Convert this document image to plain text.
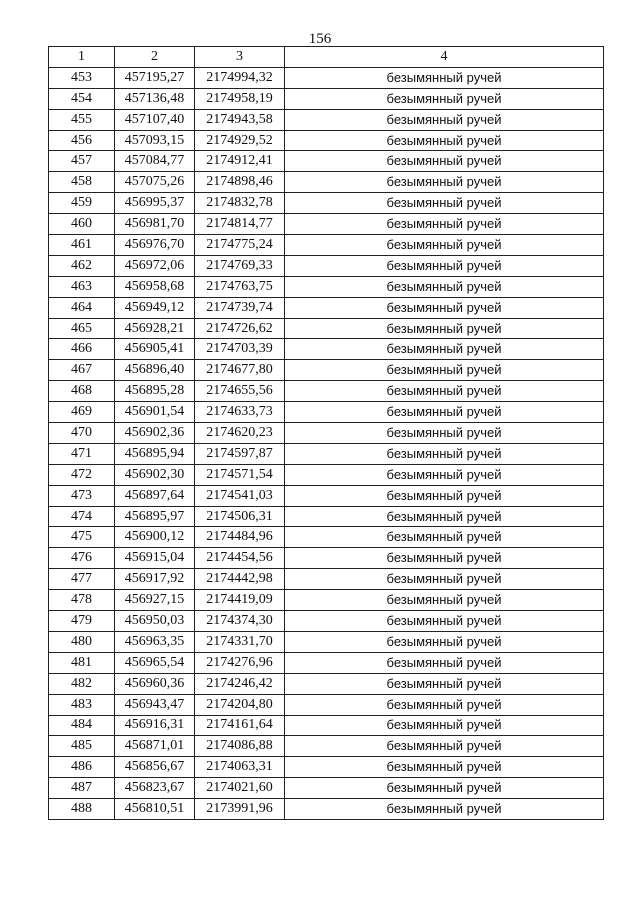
156
1	2	3	4
453	457195,27	2174994,32	безымянный ручей
454	457136,48	2174958,19	безымянный ручей
455	457107,40	2174943,58	безымянный ручей
456	457093,15	2174929,52	безымянный ручей
457	457084,77	2174912,41	безымянный ручей
458	457075,26	2174898,46	безымянный ручей
459	456995,37	2174832,78	безымянный ручей
460	456981,70	2174814,77	безымянный ручей
461	456976,70	2174775,24	безымянный ручей
462	456972,06	2174769,33	безымянный ручей
463	456958,68	2174763,75	безымянный ручей
464	456949,12	2174739,74	безымянный ручей
465	456928,21	2174726,62	безымянный ручей
466	456905,41	2174703,39	безымянный ручей
467	456896,40	2174677,80	безымянный ручей
468	456895,28	2174655,56	безымянный ручей
469	456901,54	2174633,73	безымянный ручей
470	456902,36	2174620,23	безымянный ручей
471	456895,94	2174597,87	безымянный ручей
472	456902,30	2174571,54	безымянный ручей
473	456897,64	2174541,03	безымянный ручей
474	456895,97	2174506,31	безымянный ручей
475	456900,12	2174484,96	безымянный ручей
476	456915,04	2174454,56	безымянный ручей
477	456917,92	2174442,98	безымянный ручей
478	456927,15	2174419,09	безымянный ручей
479	456950,03	2174374,30	безымянный ручей
480	456963,35	2174331,70	безымянный ручей
481	456965,54	2174276,96	безымянный ручей
482	456960,36	2174246,42	безымянный ручей
483	456943,47	2174204,80	безымянный ручей
484	456916,31	2174161,64	безымянный ручей
485	456871,01	2174086,88	безымянный ручей
486	456856,67	2174063,31	безымянный ручей
487	456823,67	2174021,60	безымянный ручей
488	456810,51	2173991,96	безымянный ручей
